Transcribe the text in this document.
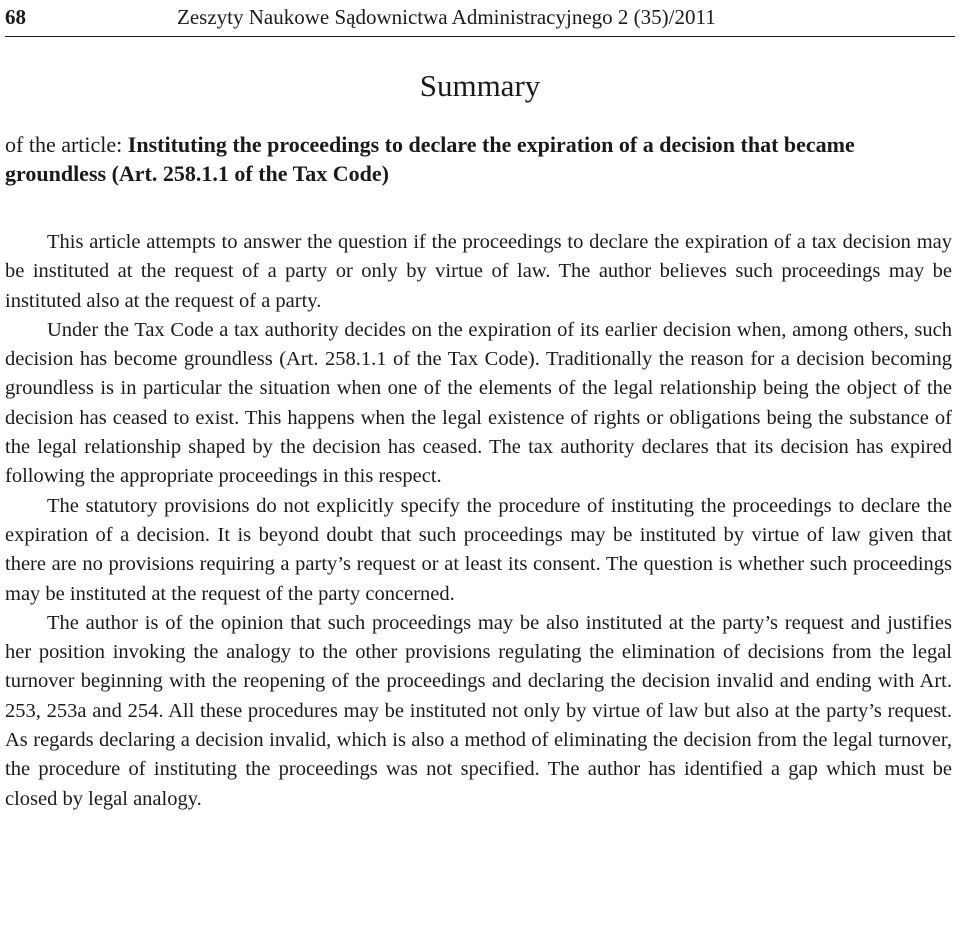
68	Zeszyty Naukowe Sądownictwa Administracyjnego 2 (35)/2011
Summary
of the article: Instituting the proceedings to declare the expiration of a decision that became groundless (Art. 258.1.1 of the Tax Code)

This article attempts to answer the question if the proceedings to declare the expiration of a tax decision may be instituted at the request of a party or only by virtue of law. The author believes such proceedings may be instituted also at the request of a party.

Under the Tax Code a tax authority decides on the expiration of its earlier decision when, among others, such decision has become groundless (Art. 258.1.1 of the Tax Code). Traditionally the reason for a decision becoming groundless is in particular the situation when one of the elements of the legal relationship being the object of the decision has ceased to exist. This happens when the legal existence of rights or obligations being the substance of the legal relationship shaped by the decision has ceased. The tax authority declares that its decision has expired following the appropriate proceedings in this respect.

The statutory provisions do not explicitly specify the procedure of instituting the proceedings to declare the expiration of a decision. It is beyond doubt that such proceedings may be instituted by virtue of law given that there are no provisions requiring a party’s request or at least its consent. The question is whether such proceedings may be instituted at the request of the party concerned.

The author is of the opinion that such proceedings may be also instituted at the party’s request and justifies her position invoking the analogy to the other provisions regulating the elimination of decisions from the legal turnover beginning with the reopening of the proceedings and declaring the decision invalid and ending with Art. 253, 253a and 254. All these procedures may be instituted not only by virtue of law but also at the party’s request. As regards declaring a decision invalid, which is also a method of eliminating the decision from the legal turnover, the procedure of instituting the proceedings was not specified. The author has identified a gap which must be closed by legal analogy.
